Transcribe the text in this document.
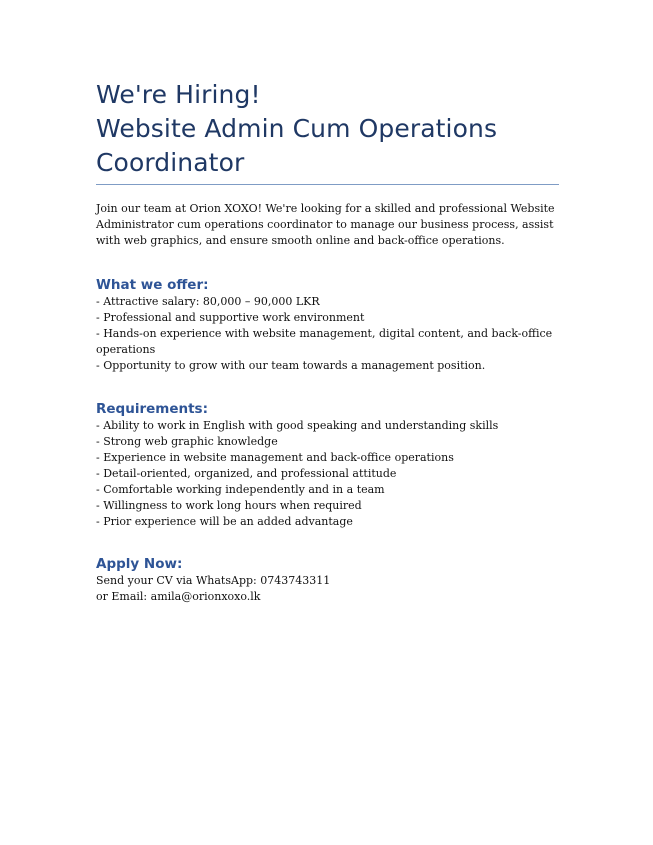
We're Hiring!
Website Admin Cum Operations
Coordinator

Join our team at Orion XOXO! We're looking for a skilled and professional Website Administrator cum operations coordinator to manage our business process, assist with web graphics, and ensure smooth online and back-office operations.

What we offer:
- Attractive salary: 80,000 – 90,000 LKR
- Professional and supportive work environment
- Hands-on experience with website management, digital content, and back-office operations
- Opportunity to grow with our team towards a management position.
Requirements:
- Ability to work in English with good speaking and understanding skills
- Strong web graphic knowledge
- Experience in website management and back-office operations
- Detail-oriented, organized, and professional attitude
- Comfortable working independently and in a team
- Willingness to work long hours when required
- Prior experience will be an added advantage
Apply Now:
Send your CV via WhatsApp: 0743743311
or Email: amila@orionxoxo.lk
